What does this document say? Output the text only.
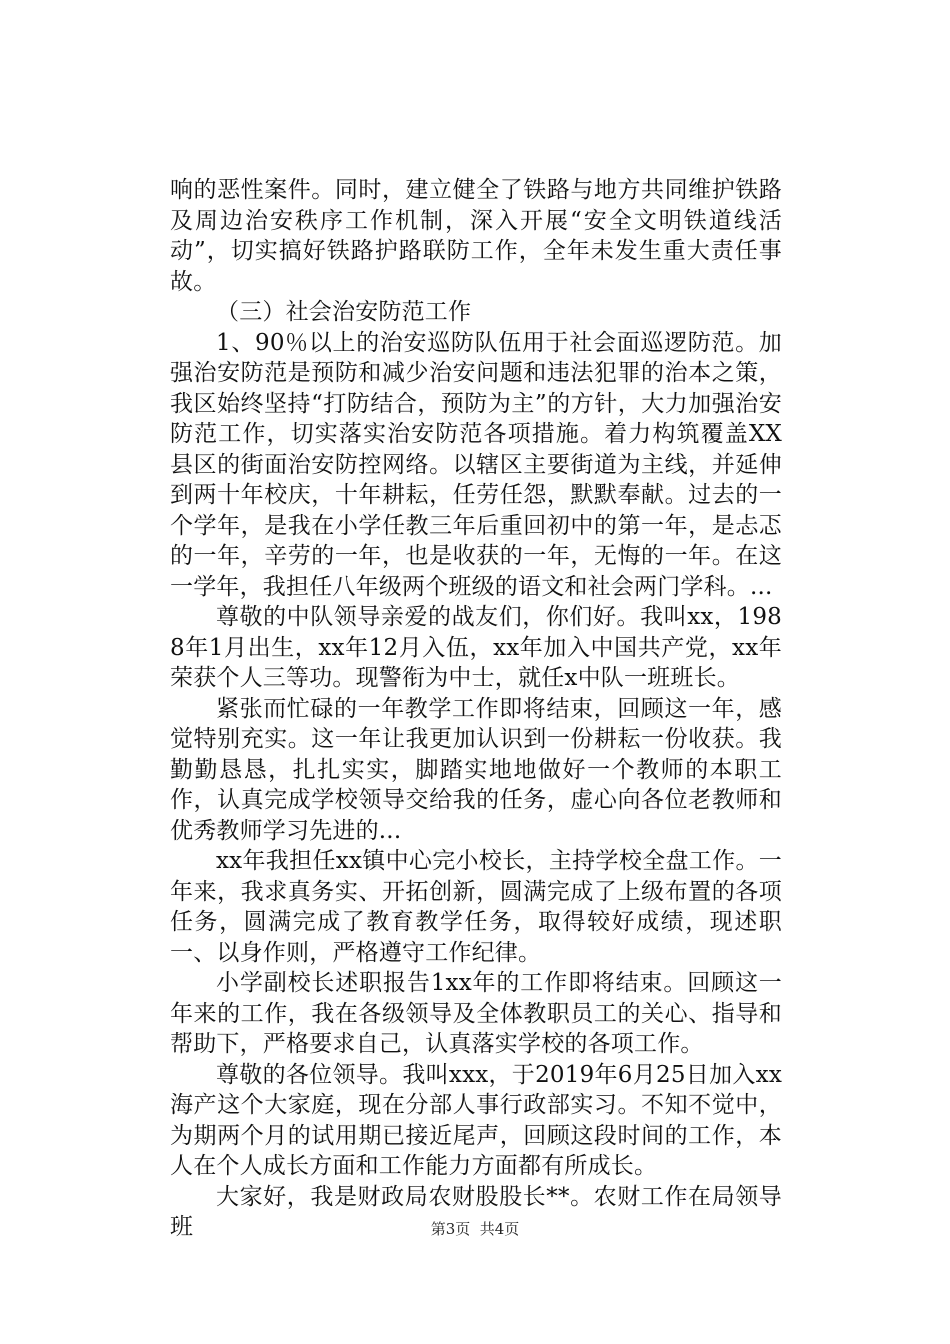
响的恶性案件。同时，建立健全了铁路与地方共同维护铁路及周边治安秩序工作机制，深入开展“安全文明铁道线活动”，切实搞好铁路护路联防工作，全年未发生重大责任事故。

（三）社会治安防范工作

1、90％以上的治安巡防队伍用于社会面巡逻防范。加强治安防范是预防和减少治安问题和违法犯罪的治本之策，我区始终坚持“打防结合，预防为主”的方针，大力加强治安防范工作，切实落实治安防范各项措施。着力构筑覆盖XX县区的街面治安防控网络。以辖区主要街道为主线，并延伸到两十年校庆，十年耕耘，任劳任怨，默默奉献。过去的一个学年，是我在小学任教三年后重回初中的第一年，是忐忑的一年，辛劳的一年，也是收获的一年，无悔的一年。在这一学年，我担任八年级两个班级的语文和社会两门学科。...

尊敬的中队领导亲爱的战友们，你们好。我叫xx，1988年1月出生，xx年12月入伍，xx年加入中国共产党，xx年荣获个人三等功。现警衔为中士，就任x中队一班班长。

紧张而忙碌的一年教学工作即将结束，回顾这一年，感觉特别充实。这一年让我更加认识到一份耕耘一份收获。我勤勤恳恳，扎扎实实，脚踏实地地做好一个教师的本职工作，认真完成学校领导交给我的任务，虚心向各位老教师和优秀教师学习先进的...

xx年我担任xx镇中心完小校长，主持学校全盘工作。一年来，我求真务实、开拓创新，圆满完成了上级布置的各项任务，圆满完成了教育教学任务，取得较好成绩，现述职一、以身作则，严格遵守工作纪律。

小学副校长述职报告1xx年的工作即将结束。回顾这一年来的工作，我在各级领导及全体教职员工的关心、指导和帮助下，严格要求自己，认真落实学校的各项工作。

尊敬的各位领导。我叫xxx，于2019年6月25日加入xx海产这个大家庭，现在分部人事行政部实习。不知不觉中，为期两个月的试用期已接近尾声，回顾这段时间的工作，本人在个人成长方面和工作能力方面都有所成长。

大家好，我是财政局农财股股长**。农财工作在局领导班	第3页  共4页
